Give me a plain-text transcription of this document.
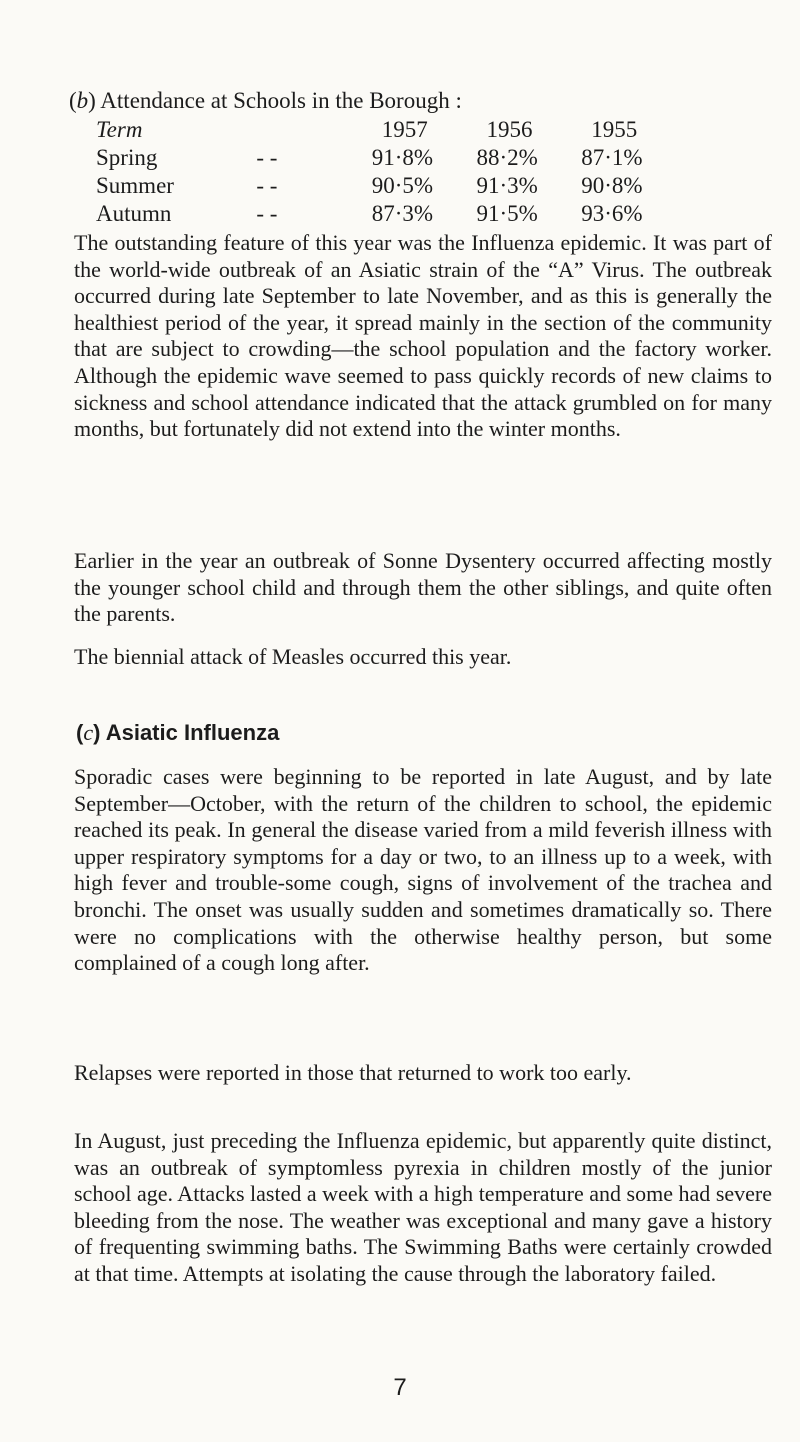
(b) Attendance at Schools in the Borough :
Term		1957	1956	1955
Spring	- -	91·8%	88·2%	87·1%
Summer	- -	90·5%	91·3%	90·8%
Autumn	- -	87·3%	91·5%	93·6%

The outstanding feature of this year was the Influenza epidemic. It was part of the world-wide outbreak of an Asiatic strain of the “A” Virus. The outbreak occurred during late September to late November, and as this is generally the healthiest period of the year, it spread mainly in the section of the community that are subject to crowding—the school population and the factory worker. Although the epidemic wave seemed to pass quickly records of new claims to sickness and school attendance indicated that the attack grumbled on for many months, but fortunately did not extend into the winter months.

Earlier in the year an outbreak of Sonne Dysentery occurred affecting mostly the younger school child and through them the other siblings, and quite often the parents.

The biennial attack of Measles occurred this year.

(c) Asiatic Influenza

Sporadic cases were beginning to be reported in late August, and by late September—October, with the return of the children to school, the epidemic reached its peak. In general the disease varied from a mild feverish illness with upper respiratory symptoms for a day or two, to an illness up to a week, with high fever and trouble-some cough, signs of involvement of the trachea and bronchi. The onset was usually sudden and sometimes dramatically so. There were no complications with the otherwise healthy person, but some complained of a cough long after.

Relapses were reported in those that returned to work too early.

In August, just preceding the Influenza epidemic, but apparently quite distinct, was an outbreak of symptomless pyrexia in children mostly of the junior school age. Attacks lasted a week with a high temperature and some had severe bleeding from the nose. The weather was exceptional and many gave a history of frequenting swimming baths. The Swimming Baths were certainly crowded at that time. Attempts at isolating the cause through the laboratory failed.

7
